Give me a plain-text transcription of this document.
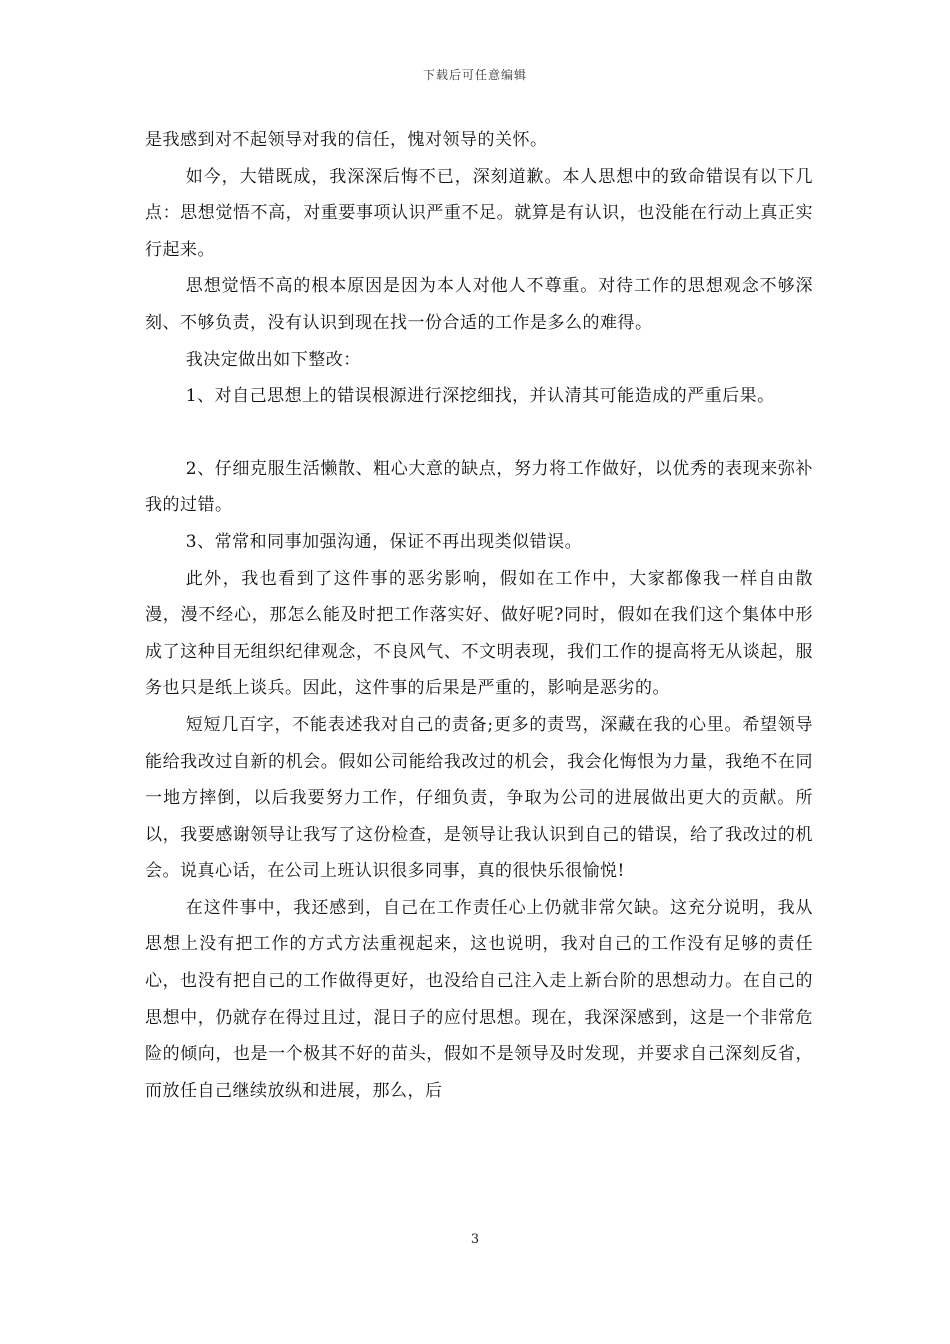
下载后可任意编辑

是我感到对不起领导对我的信任，愧对领导的关怀。

如今，大错既成，我深深后悔不已，深刻道歉。本人思想中的致命错误有以下几点：思想觉悟不高，对重要事项认识严重不足。就算是有认识，也没能在行动上真正实行起来。

思想觉悟不高的根本原因是因为本人对他人不尊重。对待工作的思想观念不够深刻、不够负责，没有认识到现在找一份合适的工作是多么的难得。

我决定做出如下整改：

1、对自己思想上的错误根源进行深挖细找，并认清其可能造成的严重后果。

2、仔细克服生活懒散、粗心大意的缺点，努力将工作做好，以优秀的表现来弥补我的过错。

3、常常和同事加强沟通，保证不再出现类似错误。

此外，我也看到了这件事的恶劣影响，假如在工作中，大家都像我一样自由散漫，漫不经心，那怎么能及时把工作落实好、做好呢?同时，假如在我们这个集体中形成了这种目无组织纪律观念，不良风气、不文明表现，我们工作的提高将无从谈起，服务也只是纸上谈兵。因此，这件事的后果是严重的，影响是恶劣的。

短短几百字，不能表述我对自己的责备;更多的责骂，深藏在我的心里。希望领导能给我改过自新的机会。假如公司能给我改过的机会，我会化悔恨为力量，我绝不在同一地方摔倒，以后我要努力工作，仔细负责，争取为公司的进展做出更大的贡献。所以，我要感谢领导让我写了这份检查，是领导让我认识到自己的错误，给了我改过的机会。说真心话，在公司上班认识很多同事，真的很快乐很愉悦!

在这件事中，我还感到，自己在工作责任心上仍就非常欠缺。这充分说明，我从思想上没有把工作的方式方法重视起来，这也说明，我对自己的工作没有足够的责任心，也没有把自己的工作做得更好，也没给自己注入走上新台阶的思想动力。在自己的思想中，仍就存在得过且过，混日子的应付思想。现在，我深深感到，这是一个非常危险的倾向，也是一个极其不好的苗头，假如不是领导及时发现，并要求自己深刻反省，而放任自己继续放纵和进展，那么，后

3
